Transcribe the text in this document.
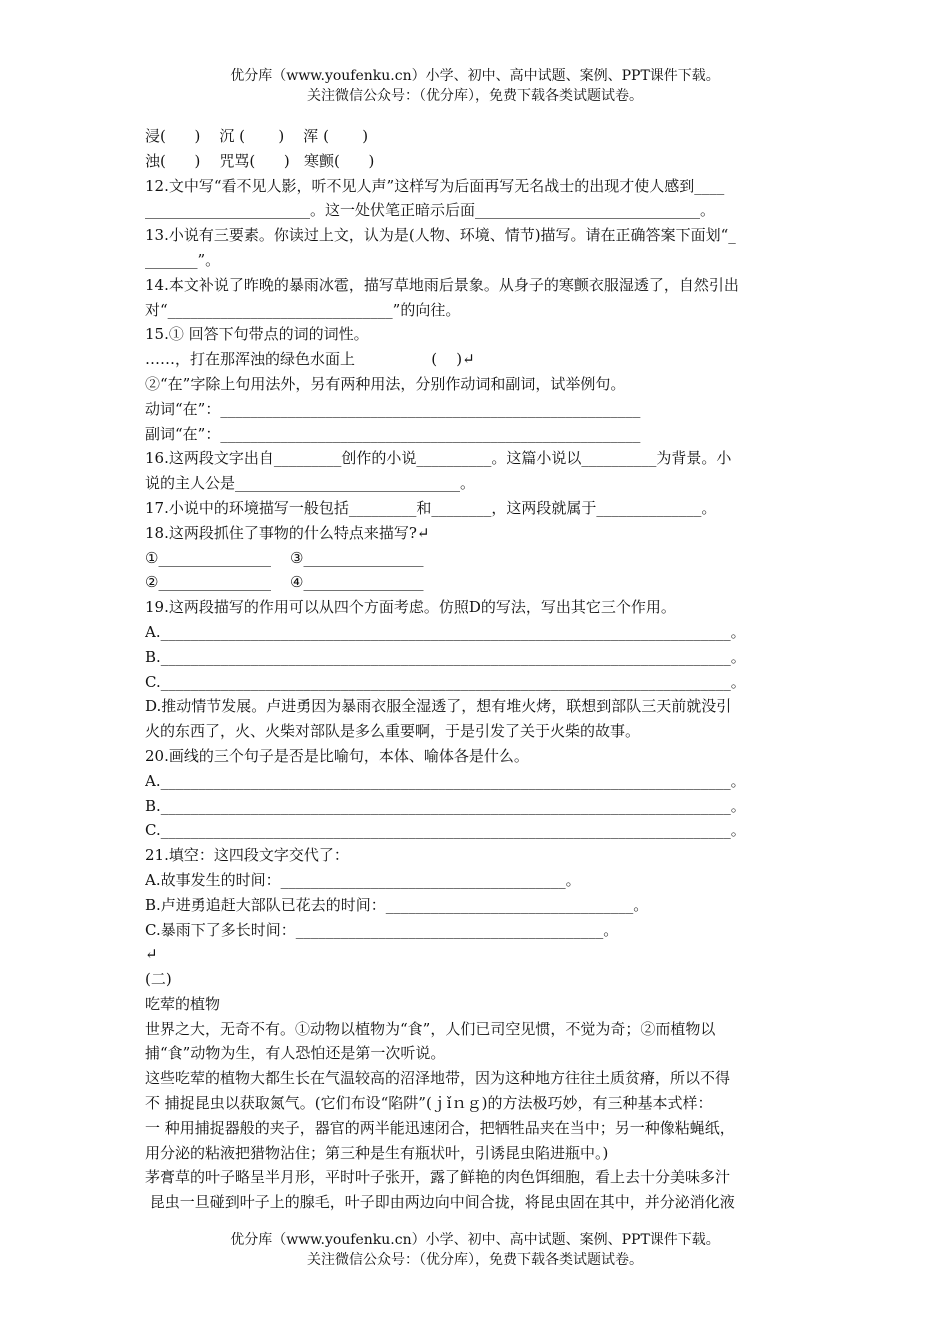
优分库（www.youfenku.cn）小学、初中、高中试题、案例、PPT课件下载。
关注微信公众号：（优分库），免费下载各类试题试卷。
浸(      )    沉 (       )    浑 (       )
浊(      )    咒骂(      )   寒颤(      )
12.文中写“看不见人影，听不见人声”这样写为后面再写无名战士的出现才使人感到____
______________________。这一处伏笔正暗示后面______________________________。
13.小说有三要素。你读过上文，认为是(人物、环境、情节)描写。请在正确答案下面划“_
_______”。
14.本文补说了昨晚的暴雨冰雹，描写草地雨后景象。从身子的寒颤衣服湿透了，自然引出
对“______________________________”的向往。
15.① 回答下句带点的词的词性。
……，打在那浑浊的绿色水面上                (    )↵
②“在”字除上句用法外，另有两种用法，分别作动词和副词，试举例句。
动词“在”：________________________________________________________
副词“在”：________________________________________________________
16.这两段文字出自_________创作的小说__________。这篇小说以__________为背景。小
说的主人公是______________________________。
17.小说中的环境描写一般包括_________和________，这两段就属于______________。
18.这两段抓住了事物的什么特点来描写?↵
①_______________    ③________________
②_______________    ④________________
19.这两段描写的作用可以从四个方面考虑。仿照D的写法，写出其它三个作用。
A.____________________________________________________________________________。
B.____________________________________________________________________________。
C.____________________________________________________________________________。
D.推动情节发展。卢进勇因为暴雨衣服全湿透了，想有堆火烤，联想到部队三天前就没引
火的东西了，火、火柴对部队是多么重要啊，于是引发了关于火柴的故事。
20.画线的三个句子是否是比喻句，本体、喻体各是什么。
A.____________________________________________________________________________。
B.____________________________________________________________________________。
C.____________________________________________________________________________。
21.填空：这四段文字交代了：
A.故事发生的时间：______________________________________。
B.卢进勇追赶大部队已花去的时间：_________________________________。
C.暴雨下了多长时间：_________________________________________。
↵
(二)
吃荤的植物
世界之大，无奇不有。①动物以植物为“食”，人们已司空见惯，不觉为奇；②而植物以
捕“食”动物为生，有人恐怕还是第一次听说。
这些吃荤的植物大都生长在气温较高的沼泽地带，因为这种地方往往土质贫瘠，所以不得
不 捕捉昆虫以获取氮气。(它们布设“陷阱”(ｊǐｎｇ)的方法极巧妙，有三种基本式样：
一 种用捕捉器般的夹子，器官的两半能迅速闭合，把牺牲品夹在当中；另一种像粘蝇纸，
用分泌的粘液把猎物沾住；第三种是生有瓶状叶，引诱昆虫陷进瓶中。)
茅膏草的叶子略呈半月形，平时叶子张开，露了鲜艳的肉色饵细胞，看上去十分美味多汁
昆虫一旦碰到叶子上的腺毛，叶子即由两边向中间合拢，将昆虫固在其中，并分泌消化液
优分库（www.youfenku.cn）小学、初中、高中试题、案例、PPT课件下载。
关注微信公众号：（优分库），免费下载各类试题试卷。
